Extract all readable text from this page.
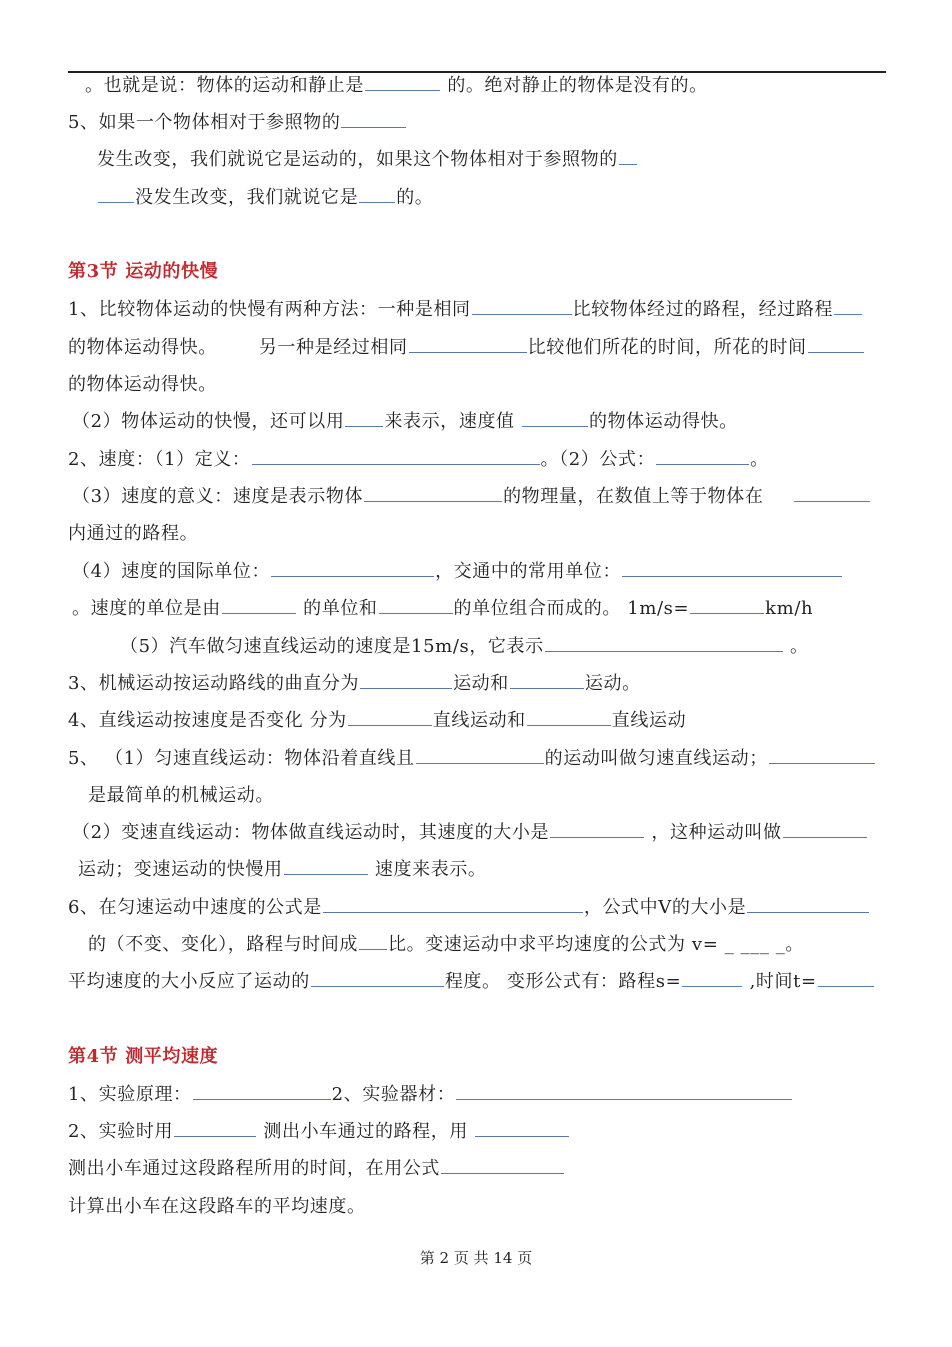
。也就是说：物体的运动和静止是	的。绝对静止的物体是没有的。
5、如果一个物体相对于参照物的
发生改变，我们就说它是运动的，如果这个物体相对于参照物的
没发生改变，我们就说它是 的。
第3节 运动的快慢
1、比较物体运动的快慢有两种方法：一种是相同	比较物体经过的路程，经过路程
的物体运动得快。 另一种是经过相同	比较他们所花的时间，所花的时间
的物体运动得快。
（2）物体运动的快慢，还可以用 来表示，速度值	的物体运动得快。
2、速度：（1）定义：	。（2）公式：	。
（3）速度的意义：速度是表示物体	的物理量，在数值上等于物体在
内通过的路程。
（4）速度的国际单位：	，交通中的常用单位：
。速度的单位是由	的单位和	的单位组合而成的。 1m/s=	km/h
（5）汽车做匀速直线运动的速度是15m/s，它表示	。
3、机械运动按运动路线的曲直分为	运动和	运动。
4、直线运动按速度是否变化 分为	直线运动和	直线运动
5、 （1）匀速直线运动：物体沿着直线且	的运动叫做匀速直线运动；
是最简单的机械运动。
（2）变速直线运动：物体做直线运动时，其速度的大小是	，这种运动叫做
运动；变速运动的快慢用	速度来表示。
6、在匀速运动中速度的公式是	，公式中V的大小是
的（不变、变化），路程与时间成 比。变速运动中求平均速度的公式为 v= _ ___ _。
平均速度的大小反应了运动的	程度。 变形公式有：路程s=	,时间t=
第4节 测平均速度
1、实验原理：	2、实验器材：
2、实验时用	测出小车通过的路程，用
测出小车通过这段路程所用的时间，在用公式
计算出小车在这段路车的平均速度。
第 2 页 共 14 页
